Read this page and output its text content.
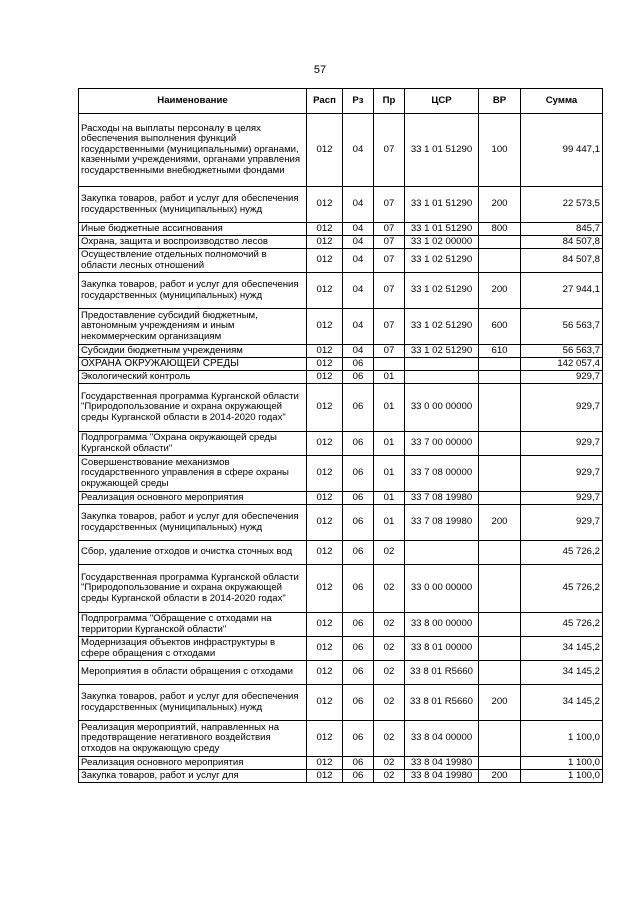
57
Наименование	Расп	Рз	Пр	ЦСР	ВР	Сумма
Расходы на выплаты персоналу в целях обеспечения выполнения функций государственными (муниципальными) органами, казенными учреждениями, органами управления государственными внебюджетными фондами	012	04	07	33 1 01 51290	100	99 447,1
Закупка товаров, работ и услуг для обеспечения государственных (муниципальных) нужд	012	04	07	33 1 01 51290	200	22 573,5
Иные бюджетные ассигнования	012	04	07	33 1 01 51290	800	845,7
Охрана, защита и воспроизводство лесов	012	04	07	33 1 02 00000		84 507,8
Осуществление отдельных полномочий в области лесных отношений	012	04	07	33 1 02 51290		84 507,8
Закупка товаров, работ и услуг для обеспечения государственных (муниципальных) нужд	012	04	07	33 1 02 51290	200	27 944,1
Предоставление субсидий бюджетным, автономным учреждениям и иным некоммерческим организациям	012	04	07	33 1 02 51290	600	56 563,7
Субсидии бюджетным учреждениям	012	04	07	33 1 02 51290	610	56 563,7
ОХРАНА ОКРУЖАЮЩЕЙ СРЕДЫ	012	06				142 057,4
Экологический контроль	012	06	01			929,7
Государственная программа Курганской области "Природопользование и охрана окружающей среды Курганской области в 2014-2020 годах"	012	06	01	33 0 00 00000		929,7
Подпрограмма "Охрана окружающей среды Курганской области"	012	06	01	33 7 00 00000		929,7
Совершенствование механизмов государственного управления в сфере охраны окружающей среды	012	06	01	33 7 08 00000		929,7
Реализация основного мероприятия	012	06	01	33 7 08 19980		929,7
Закупка товаров, работ и услуг для обеспечения государственных (муниципальных) нужд	012	06	01	33 7 08 19980	200	929,7
Сбор, удаление отходов и очистка сточных вод	012	06	02			45 726,2
Государственная программа Курганской области "Природопользование и охрана окружающей среды Курганской области в 2014-2020 годах"	012	06	02	33 0 00 00000		45 726,2
Подпрограмма "Обращение с отходами на территории Курганской области"	012	06	02	33 8 00 00000		45 726,2
Модернизация объектов инфраструктуры в сфере обращения с отходами	012	06	02	33 8 01 00000		34 145,2
Мероприятия в области обращения с отходами	012	06	02	33 8 01 R5660		34 145,2
Закупка товаров, работ и услуг для обеспечения государственных (муниципальных) нужд	012	06	02	33 8 01 R5660	200	34 145,2
Реализация мероприятий, направленных на предотвращение негативного воздействия отходов на окружающую среду	012	06	02	33 8 04 00000		1 100,0
Реализация основного мероприятия	012	06	02	33 8 04 19980		1 100,0
Закупка товаров, работ и услуг для	012	06	02	33 8 04 19980	200	1 100,0
